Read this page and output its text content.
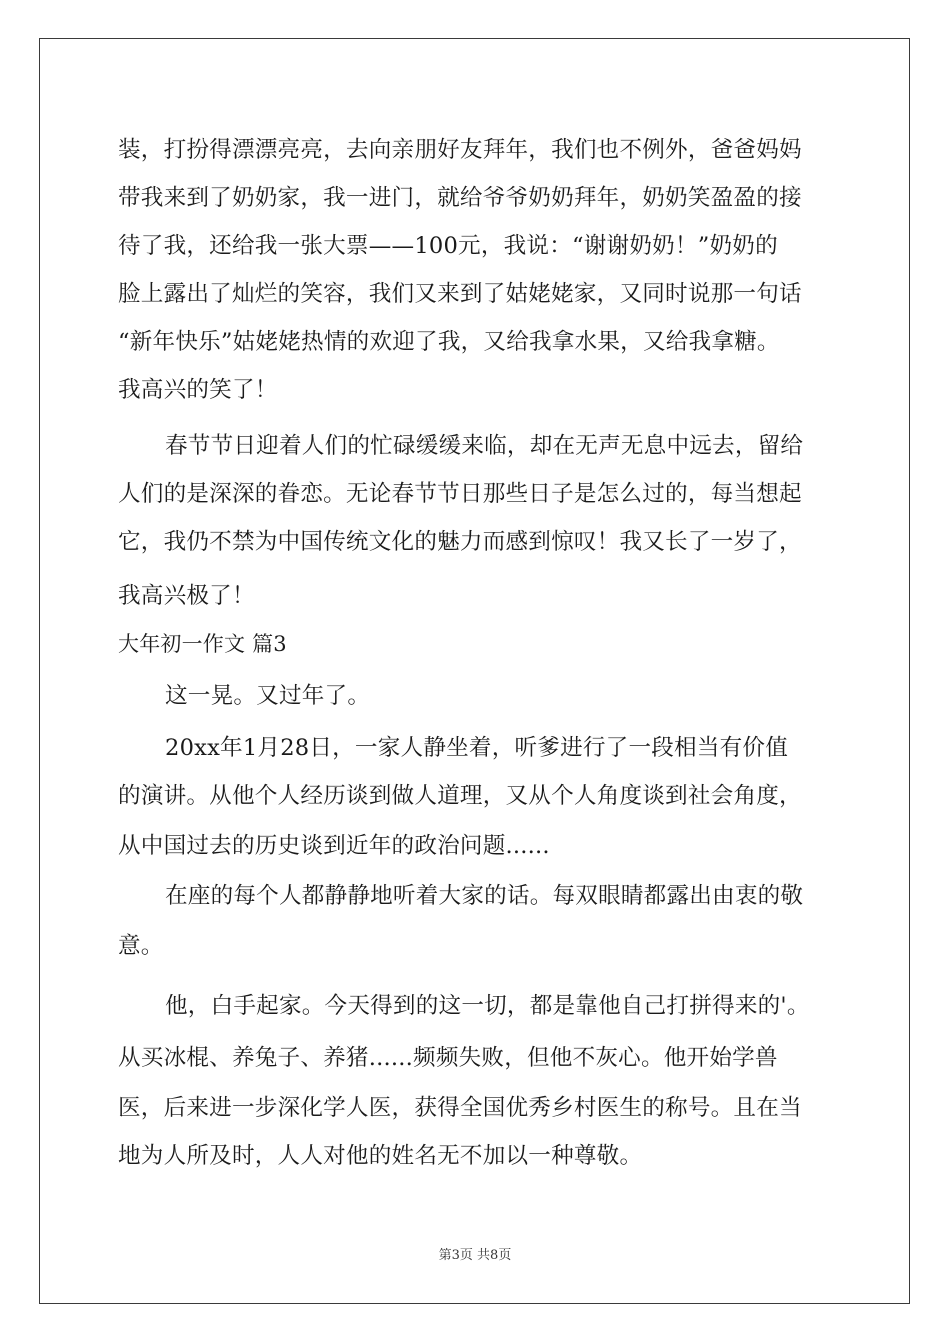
装，打扮得漂漂亮亮，去向亲朋好友拜年，我们也不例外，爸爸妈妈
带我来到了奶奶家，我一进门，就给爷爷奶奶拜年，奶奶笑盈盈的接
待了我，还给我一张大票——100元，我说：“谢谢奶奶！”奶奶的
脸上露出了灿烂的笑容，我们又来到了姑姥姥家，又同时说那一句话
“新年快乐”姑姥姥热情的欢迎了我，又给我拿水果，又给我拿糖。
我高兴的笑了！
春节节日迎着人们的忙碌缓缓来临，却在无声无息中远去，留给
人们的是深深的眷恋。无论春节节日那些日子是怎么过的，每当想起
它，我仍不禁为中国传统文化的魅力而感到惊叹！我又长了一岁了，
我高兴极了！
大年初一作文 篇3
这一晃。又过年了。
20xx年1月28日，一家人静坐着，听爹进行了一段相当有价值
的演讲。从他个人经历谈到做人道理，又从个人角度谈到社会角度，
从中国过去的历史谈到近年的政治问题......
在座的每个人都静静地听着大家的话。每双眼睛都露出由衷的敬
意。
他，白手起家。今天得到的这一切，都是靠他自己打拼得来的'。
从买冰棍、养兔子、养猪......频频失败，但他不灰心。他开始学兽
医，后来进一步深化学人医，获得全国优秀乡村医生的称号。且在当
地为人所及时，人人对他的姓名无不加以一种尊敬。
第3页 共8页
